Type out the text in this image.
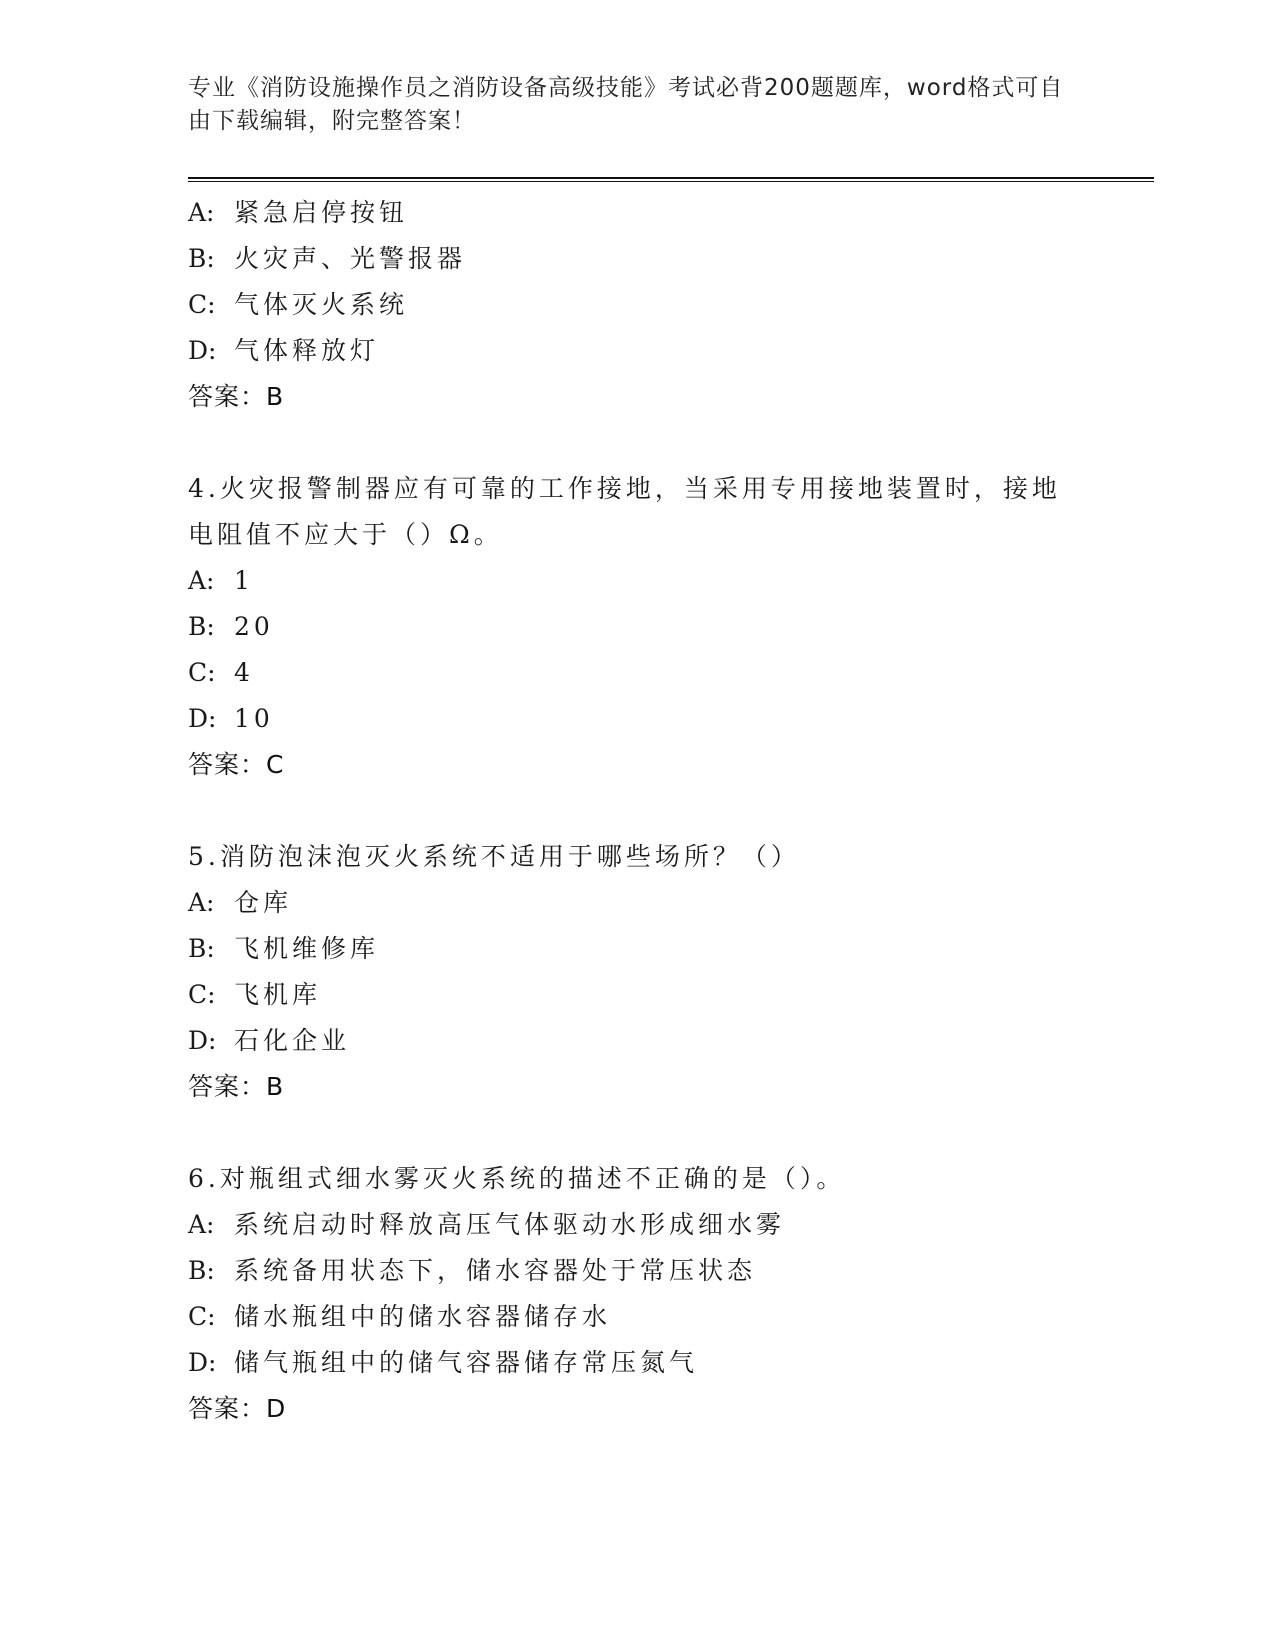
专业《消防设施操作员之消防设备高级技能》考试必背200题题库，word格式可自由下载编辑，附完整答案！
A: 紧急启停按钮
B: 火灾声、光警报器
C: 气体灭火系统
D: 气体释放灯
答案：B
4.火灾报警制器应有可靠的工作接地，当采用专用接地装置时，接地电阻值不应大于（）Ω。
A: 1
B: 20
C: 4
D: 10
答案：C
5.消防泡沫泡灭火系统不适用于哪些场所？（）
A: 仓库
B: 飞机维修库
C: 飞机库
D: 石化企业
答案：B
6.对瓶组式细水雾灭火系统的描述不正确的是（）。
A: 系统启动时释放高压气体驱动水形成细水雾
B: 系统备用状态下，储水容器处于常压状态
C: 储水瓶组中的储水容器储存水
D: 储气瓶组中的储气容器储存常压氮气
答案：D
